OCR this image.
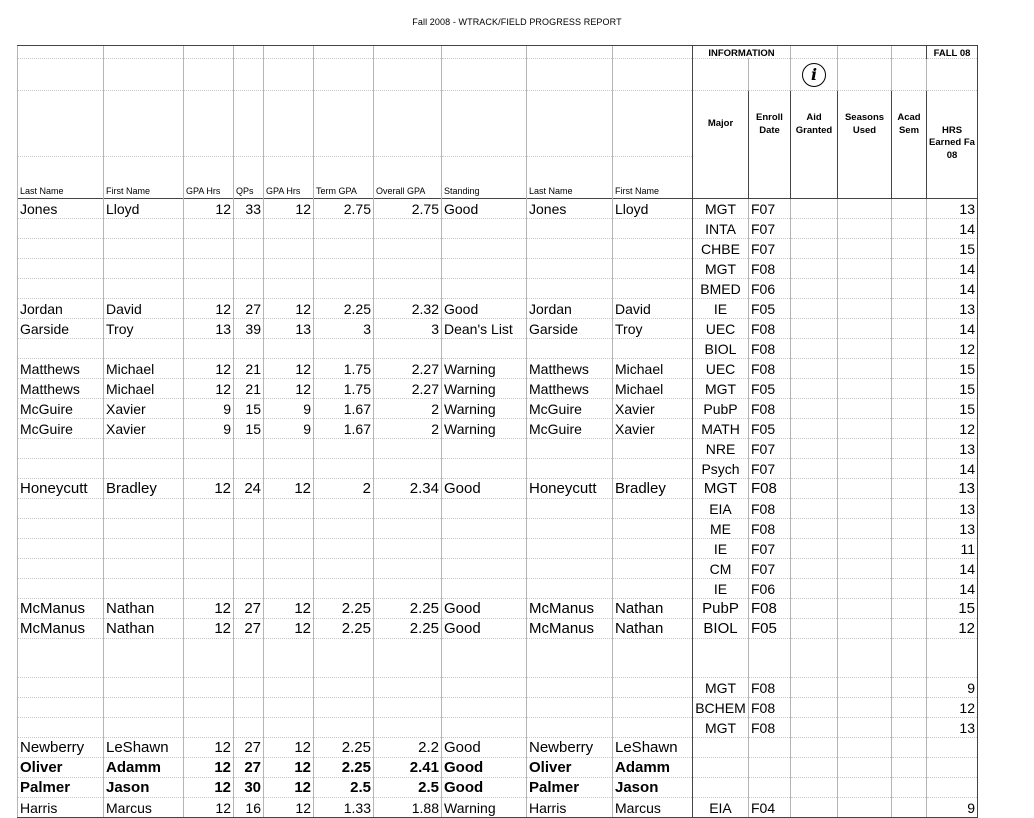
Fall 2008 - WTRACK/FIELD PROGRESS REPORT
										INFORMATION					FALL 08
												i			
										Major	Enroll Date	Aid Granted	Seasons Used	Acad Sem	HRS Earned Fa 08
Last Name	First Name	GPA Hrs	QPs	GPA Hrs	Term GPA	Overall GPA	Standing	Last Name	First Name						
Jones	Lloyd	12	33	12	2.75	2.75	Good	Jones	Lloyd	MGT	F07				13
										INTA	F07				14
										CHBE	F07				15
										MGT	F08				14
										BMED	F06				14
Jordan	David	12	27	12	2.25	2.32	Good	Jordan	David	IE	F05				13
Garside	Troy	13	39	13	3	3	Dean's List	Garside	Troy	UEC	F08				14
										BIOL	F08				12
Matthews	Michael	12	21	12	1.75	2.27	Warning	Matthews	Michael	UEC	F08				15
Matthews	Michael	12	21	12	1.75	2.27	Warning	Matthews	Michael	MGT	F05				15
McGuire	Xavier	9	15	9	1.67	2	Warning	McGuire	Xavier	PubP	F08				15
McGuire	Xavier	9	15	9	1.67	2	Warning	McGuire	Xavier	MATH	F05				12
										NRE	F07				13
										Psych	F07				14
Honeycutt	Bradley	12	24	12	2	2.34	Good	Honeycutt	Bradley	MGT	F08				13
										EIA	F08				13
										ME	F08				13
										IE	F07				11
										CM	F07				14
										IE	F06				14
McManus	Nathan	12	27	12	2.25	2.25	Good	McManus	Nathan	PubP	F08				15
McManus	Nathan	12	27	12	2.25	2.25	Good	McManus	Nathan	BIOL	F05				12

										MGT	F08				9
										BCHEM	F08				12
										MGT	F08				13
Newberry	LeShawn	12	27	12	2.25	2.2	Good	Newberry	LeShawn						
Oliver	Adamm	12	27	12	2.25	2.41	Good	Oliver	Adamm						
Palmer	Jason	12	30	12	2.5	2.5	Good	Palmer	Jason						
Harris	Marcus	12	16	12	1.33	1.88	Warning	Harris	Marcus	EIA	F04				9
